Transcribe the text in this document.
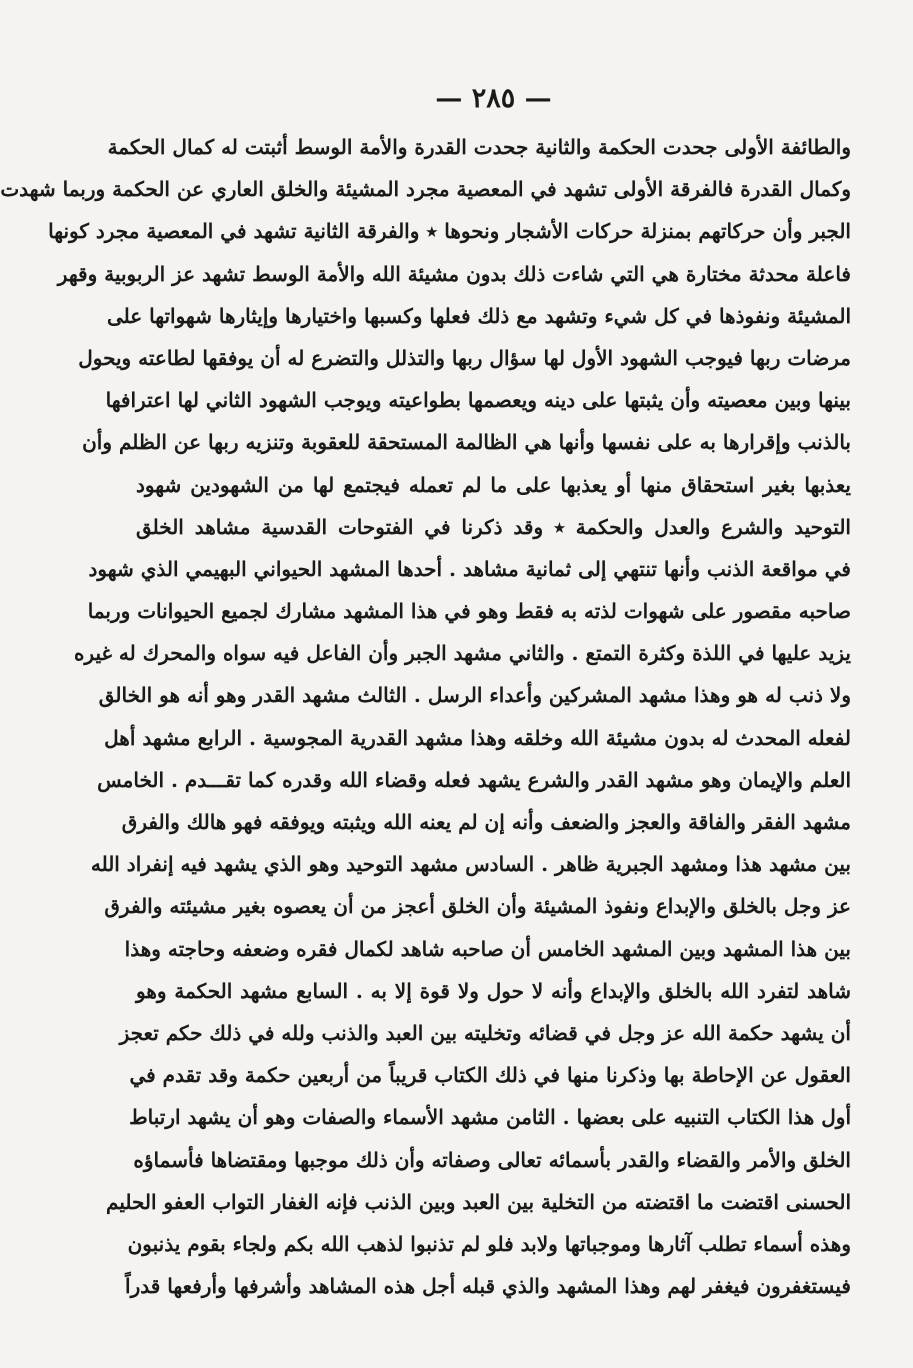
— ٢٨٥ —
والطائفة الأولى جحدت الحكمة والثانية جحدت القدرة والأمة الوسط أثبتت له كمال الحكمة
وكمال القدرة فالفرقة الأولى تشهد في المعصية مجرد المشيئة والخلق العاري عن الحكمة وربما شهدت
الجبر وأن حركاتهم بمنزلة حركات الأشجار ونحوها ٭ والفرقة الثانية تشهد في المعصية مجرد كونها
فاعلة محدثة مختارة هي التي شاءت ذلك بدون مشيئة الله والأمة الوسط تشهد عز الربوبية وقهر
المشيئة ونفوذها في كل شيء وتشهد مع ذلك فعلها وكسبها واختيارها وإيثارها شهواتها على
مرضات ربها فيوجب الشهود الأول لها سؤال ربها والتذلل والتضرع له أن يوفقها لطاعته ويحول
بينها وبين معصيته وأن يثبتها على دينه ويعصمها بطواعيته ويوجب الشهود الثاني لها اعترافها
بالذنب وإقرارها به على نفسها وأنها هي الظالمة المستحقة للعقوبة وتنزيه ربها عن الظلم وأن
يعذبها بغير استحقاق منها أو يعذبها على ما لم تعمله فيجتمع لها من الشهودين شهود
التوحيد والشرع والعدل والحكمة ٭ وقد ذكرنا في الفتوحات القدسية مشاهد الخلق
في مواقعة الذنب وأنها تنتهي إلى ثمانية مشاهد . أحدها المشهد الحيواني البهيمي الذي شهود
صاحبه مقصور على شهوات لذته به فقط وهو في هذا المشهد مشارك لجميع الحيوانات وربما
يزيد عليها في اللذة وكثرة التمتع . والثاني مشهد الجبر وأن الفاعل فيه سواه والمحرك له غيره
ولا ذنب له هو وهذا مشهد المشركين وأعداء الرسل . الثالث مشهد القدر وهو أنه هو الخالق
لفعله المحدث له بدون مشيئة الله وخلقه وهذا مشهد القدرية المجوسية . الرابع مشهد أهل
العلم والإيمان وهو مشهد القدر والشرع يشهد فعله وقضاء الله وقدره كما تقـــدم . الخامس
مشهد الفقر والفاقة والعجز والضعف وأنه إن لم يعنه الله ويثبته ويوفقه فهو هالك والفرق
بين مشهد هذا ومشهد الجبرية ظاهر . السادس مشهد التوحيد وهو الذي يشهد فيه إنفراد الله
عز وجل بالخلق والإبداع ونفوذ المشيئة وأن الخلق أعجز من أن يعصوه بغير مشيئته والفرق
بين هذا المشهد وبين المشهد الخامس أن صاحبه شاهد لكمال فقره وضعفه وحاجته وهذا
شاهد لتفرد الله بالخلق والإبداع وأنه لا حول ولا قوة إلا به . السابع مشهد الحكمة وهو
أن يشهد حكمة الله عز وجل في قضائه وتخليته بين العبد والذنب ولله في ذلك حكم تعجز
العقول عن الإحاطة بها وذكرنا منها في ذلك الكتاب قريباً من أربعين حكمة وقد تقدم في
أول هذا الكتاب التنبيه على بعضها . الثامن مشهد الأسماء والصفات وهو أن يشهد ارتباط
الخلق والأمر والقضاء والقدر بأسمائه تعالى وصفاته وأن ذلك موجبها ومقتضاها فأسماؤه
الحسنى اقتضت ما اقتضته من التخلية بين العبد وبين الذنب فإنه الغفار التواب العفو الحليم
وهذه أسماء تطلب آثارها وموجباتها ولابد فلو لم تذنبوا لذهب الله بكم ولجاء بقوم يذنبون
فيستغفرون فيغفر لهم وهذا المشهد والذي قبله أجل هذه المشاهد وأشرفها وأرفعها قدراً
